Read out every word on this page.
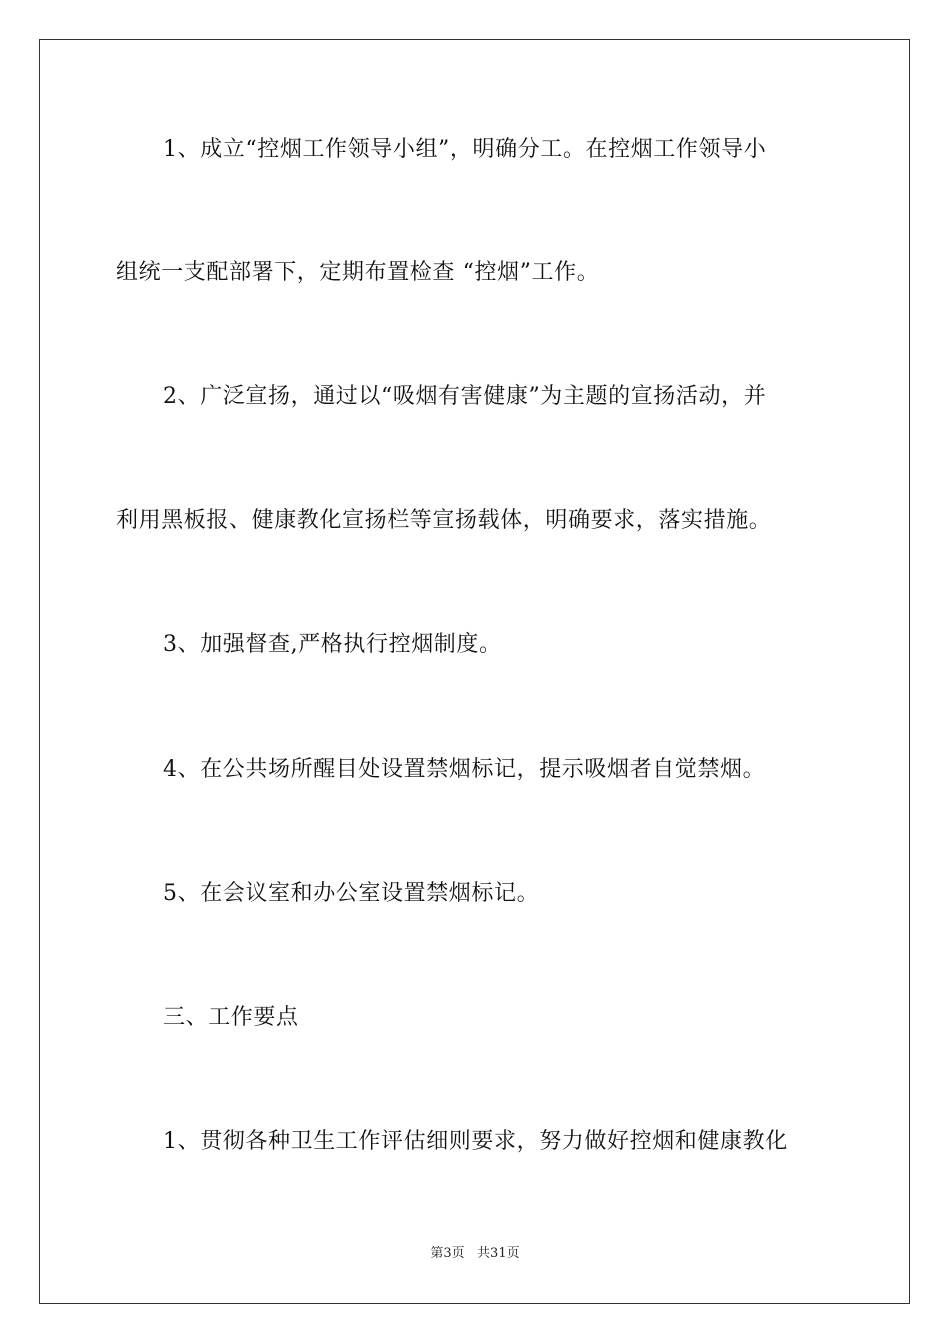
1、成立“控烟工作领导小组”，明确分工。在控烟工作领导小
组统一支配部署下，定期布置检查 “控烟”工作。
2、广泛宣扬，通过以“吸烟有害健康”为主题的宣扬活动，并
利用黑板报、健康教化宣扬栏等宣扬载体，明确要求，落实措施。
3、加强督查,严格执行控烟制度。
4、在公共场所醒目处设置禁烟标记，提示吸烟者自觉禁烟。
5、在会议室和办公室设置禁烟标记。
三、工作要点
1、贯彻各种卫生工作评估细则要求，努力做好控烟和健康教化
第3页   共31页
